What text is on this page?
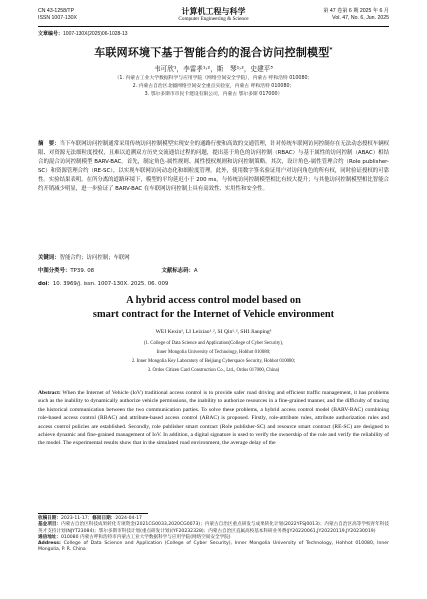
CN 43-1258/TP
ISSN 1007-130X
计算机工程与科学
Computer Engineering & Science
第 47 卷第 6 期 2025 年 6 月
Vol. 47, No. 6, Jun. 2025
文章编号：1007-130X(2025)06-1028-13
车联网环境下基于智能合约的混合访问控制模型*
韦可欣¹，李雷孝¹˒²，斯　琴¹˒²，史建平³
（1. 内蒙古工业大学数据科学与应用学院（网络空间安全学院），内蒙古 呼和浩特 010080；
2. 内蒙古自治区北疆网络空间安全重点实验室，内蒙古 呼和浩特 010080；
3. 鄂尔多斯市市民卡建设有限公司，内蒙古 鄂尔多斯 017000）
摘　要：当下车联网访问控制通常采用传统访问控制模型实现安全的通路行驶和高效的交通管理，针对传统车联网访问控制存在无法动态授权车辆权限、对资源无法细粒度授权，且难以追溯双方历史交流通信过程的问题，提出基于角色的访问控制（RBAC）与基于属性的访问控制（ABAC）相结合的混合访问控制模型 BARV-BAC。首先，制定角色-属性规则、属性授权规则和访问控制策略。其次，设计角色-属性管理合约（Role publisher-SC）和资源管理合约（RE-SC），以实现车联网访问动态化和细粒度管理。此外，使用数字签名验证用户对访问角色的所有权，同时验证授权的可靠性。实验结果表明，在所分离的道路环境下，模型的平均延迟小于 200 ms，与传统访问控制模型相比有较大提升；与其他访问控制模型相比智能合约开销减少明显，进一步验证了 BARV-BAC 在车联网访问控制上具有高效性、实用性和安全性。
关键词：智能合约；访问控制；车联网
中图分类号：TP39. 08	文献标志码：A
doi：10. 3969/j. issn. 1007-130X. 2025. 06. 009
A hybrid access control model based on
smart contract for the Internet of Vehicle environment
WEI Kexin¹, LI Leixiao¹˒², SI Qin¹˒², SHI Jianping³
(1. College of Data Science and Application(College of Cyber Security),
Inner Mongolia University of Technology, Hohhot 010080;
2. Inner Mongolia Key Laboratory of Beijiang Cyberspace Security, Hohhot 010080;
3. Ordos Citizen Card Construction Co., Ltd., Ordos 017000, China)
Abstract: When the Internet of Vehicle (IoV) traditional access control is to provide safer road driving and efficient traffic management, it has problems such as the inability to dynamically authorize vehicle permissions, the inability to authorize resources in a fine-grained manner, and the difficulty of tracing the historical communication between the two communication parties. To solve these problems, a hybrid access control model (BARV-BAC) combining role-based access control (RBAC) and attribute-based access control (ABAC) is proposed. Firstly, role-attribute rules, attribute authorization rules and access control policies are established. Secondly, role publisher smart contract (Role publisher-SC) and resource smart contract (RE-SC) are designed to achieve dynamic and fine-grained management of IoV. In addition, a digital signature is used to verify the ownership of the role and verify the reliability of the model. The experimental results show that in the simulated road environment, the average delay of the
收稿日期：2023-11-17；修回日期：2024-04-17
基金项目：内蒙古自治区科技成果转化专项资金(2021CG0033,2020CG0073)；内蒙古自治区重点研发与成果转化计划(2022YFSJ0013)；内蒙古自治区高等学校青年科技英才支持计划(NJYT23084)；鄂尔多斯市科技计划(重点研发计划)(YF20232328)；内蒙古自治区直属高校基本科研业务费(JY20220061,JY20220119,JY20230019)
通信地址：010080 内蒙古呼和浩特市内蒙古工业大学数据科学与应用学院(网络空间安全学院)
Address: College of Data Science and Application (College of Cyber Security), Inner Mongolia University of Technology, Hohhot 010080, Inner Mongolia, P. R. China
